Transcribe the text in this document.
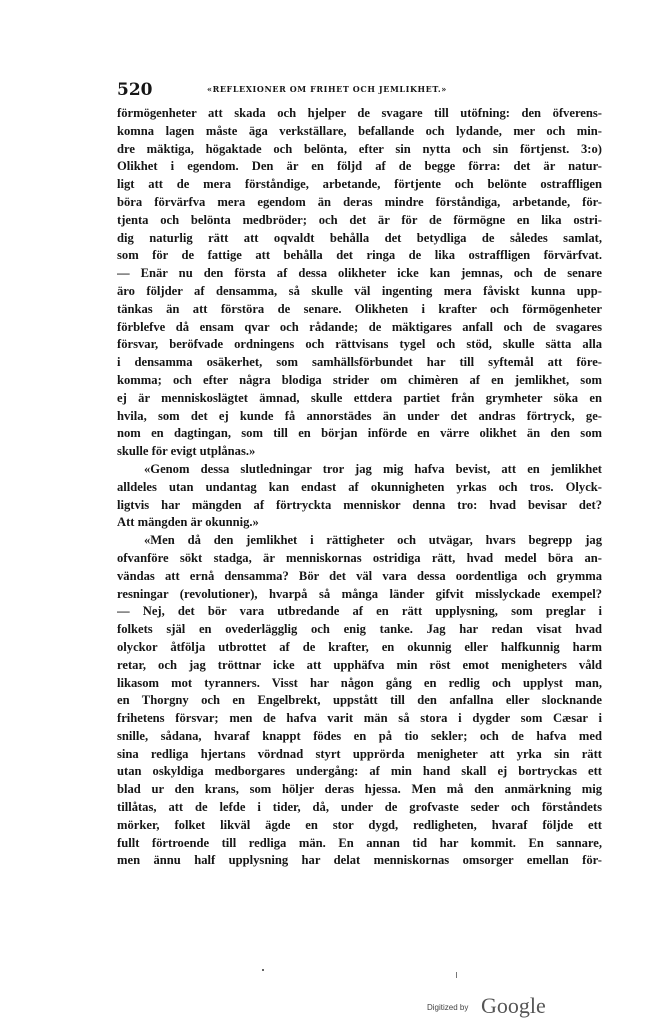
520	«REFLEXIONER OM FRIHET OCH JEMLIKHET.»
förmögenheter att skada och hjelper de svagare till utöfning: den öfverens-
komna lagen måste äga verkställare, befallande och lydande, mer och min-
dre mäktiga, högaktade och belönta, efter sin nytta och sin förtjenst. 3:o)
Olikhet i egendom. Den är en följd af de begge förra: det är natur-
ligt att de mera förståndige, arbetande, förtjente och belönte ostraffligen
böra förvärfva mera egendom än deras mindre förståndiga, arbetande, för-
tjenta och belönta medbröder; och det är för de förmögne en lika ostri-
dig naturlig rätt att oqvaldt behålla det betydliga de således samlat,
som för de fattige att behålla det ringa de lika ostraffligen förvärfvat.
— Enär nu den första af dessa olikheter icke kan jemnas, och de senare
äro följder af densamma, så skulle väl ingenting mera fåviskt kunna upp-
tänkas än att förstöra de senare. Olikheten i krafter och förmögenheter
förblefve då ensam qvar och rådande; de mäktigares anfall och de svagares
försvar, beröfvade ordningens och rättvisans tygel och stöd, skulle sätta alla
i densamma osäkerhet, som samhällsförbundet har till syftemål att före-
komma; och efter några blodiga strider om chimèren af en jemlikhet, som
ej är menniskoslägtet ämnad, skulle ettdera partiet från grymheter söka en
hvila, som det ej kunde få annorstädes än under det andras förtryck, ge-
nom en dagtingan, som till en början införde en värre olikhet än den som
skulle för evigt utplånas.»
«Genom dessa slutledningar tror jag mig hafva bevist, att en jemlikhet
alldeles utan undantag kan endast af okunnigheten yrkas och tros. Olyck-
ligtvis har mängden af förtryckta menniskor denna tro: hvad bevisar det?
Att mängden är okunnig.»
«Men då den jemlikhet i rättigheter och utvägar, hvars begrepp jag
ofvanföre sökt stadga, är menniskornas ostridiga rätt, hvad medel böra an-
vändas att ernå densamma? Bör det väl vara dessa oordentliga och grymma
resningar (revolutioner), hvarpå så många länder gifvit misslyckade exempel?
— Nej, det bör vara utbredande af en rätt upplysning, som preglar i
folkets själ en ovederlägglig och enig tanke. Jag har redan visat hvad
olyckor åtfölja utbrottet af de krafter, en okunnig eller halfkunnig harm
retar, och jag tröttnar icke att upphäfva min röst emot menigheters våld
likasom mot tyranners. Visst har någon gång en redlig och upplyst man,
en Thorgny och en Engelbrekt, uppstått till den anfallna eller slocknande
frihetens försvar; men de hafva varit män så stora i dygder som Cæsar i
snille, sådana, hvaraf knappt födes en på tio sekler; och de hafva med
sina redliga hjertans vördnad styrt upprörda menigheter att yrka sin rätt
utan oskyldiga medborgares undergång: af min hand skall ej bortryckas ett
blad ur den krans, som höljer deras hjessa. Men må den anmärkning mig
tillåtas, att de lefde i tider, då, under de grofvaste seder och förståndets
mörker, folket likväl ägde en stor dygd, redligheten, hvaraf följde ett
fullt förtroende till redliga män. En annan tid har kommit. En sannare,
men ännu half upplysning har delat menniskornas omsorger emellan för-
Digitized by Google
